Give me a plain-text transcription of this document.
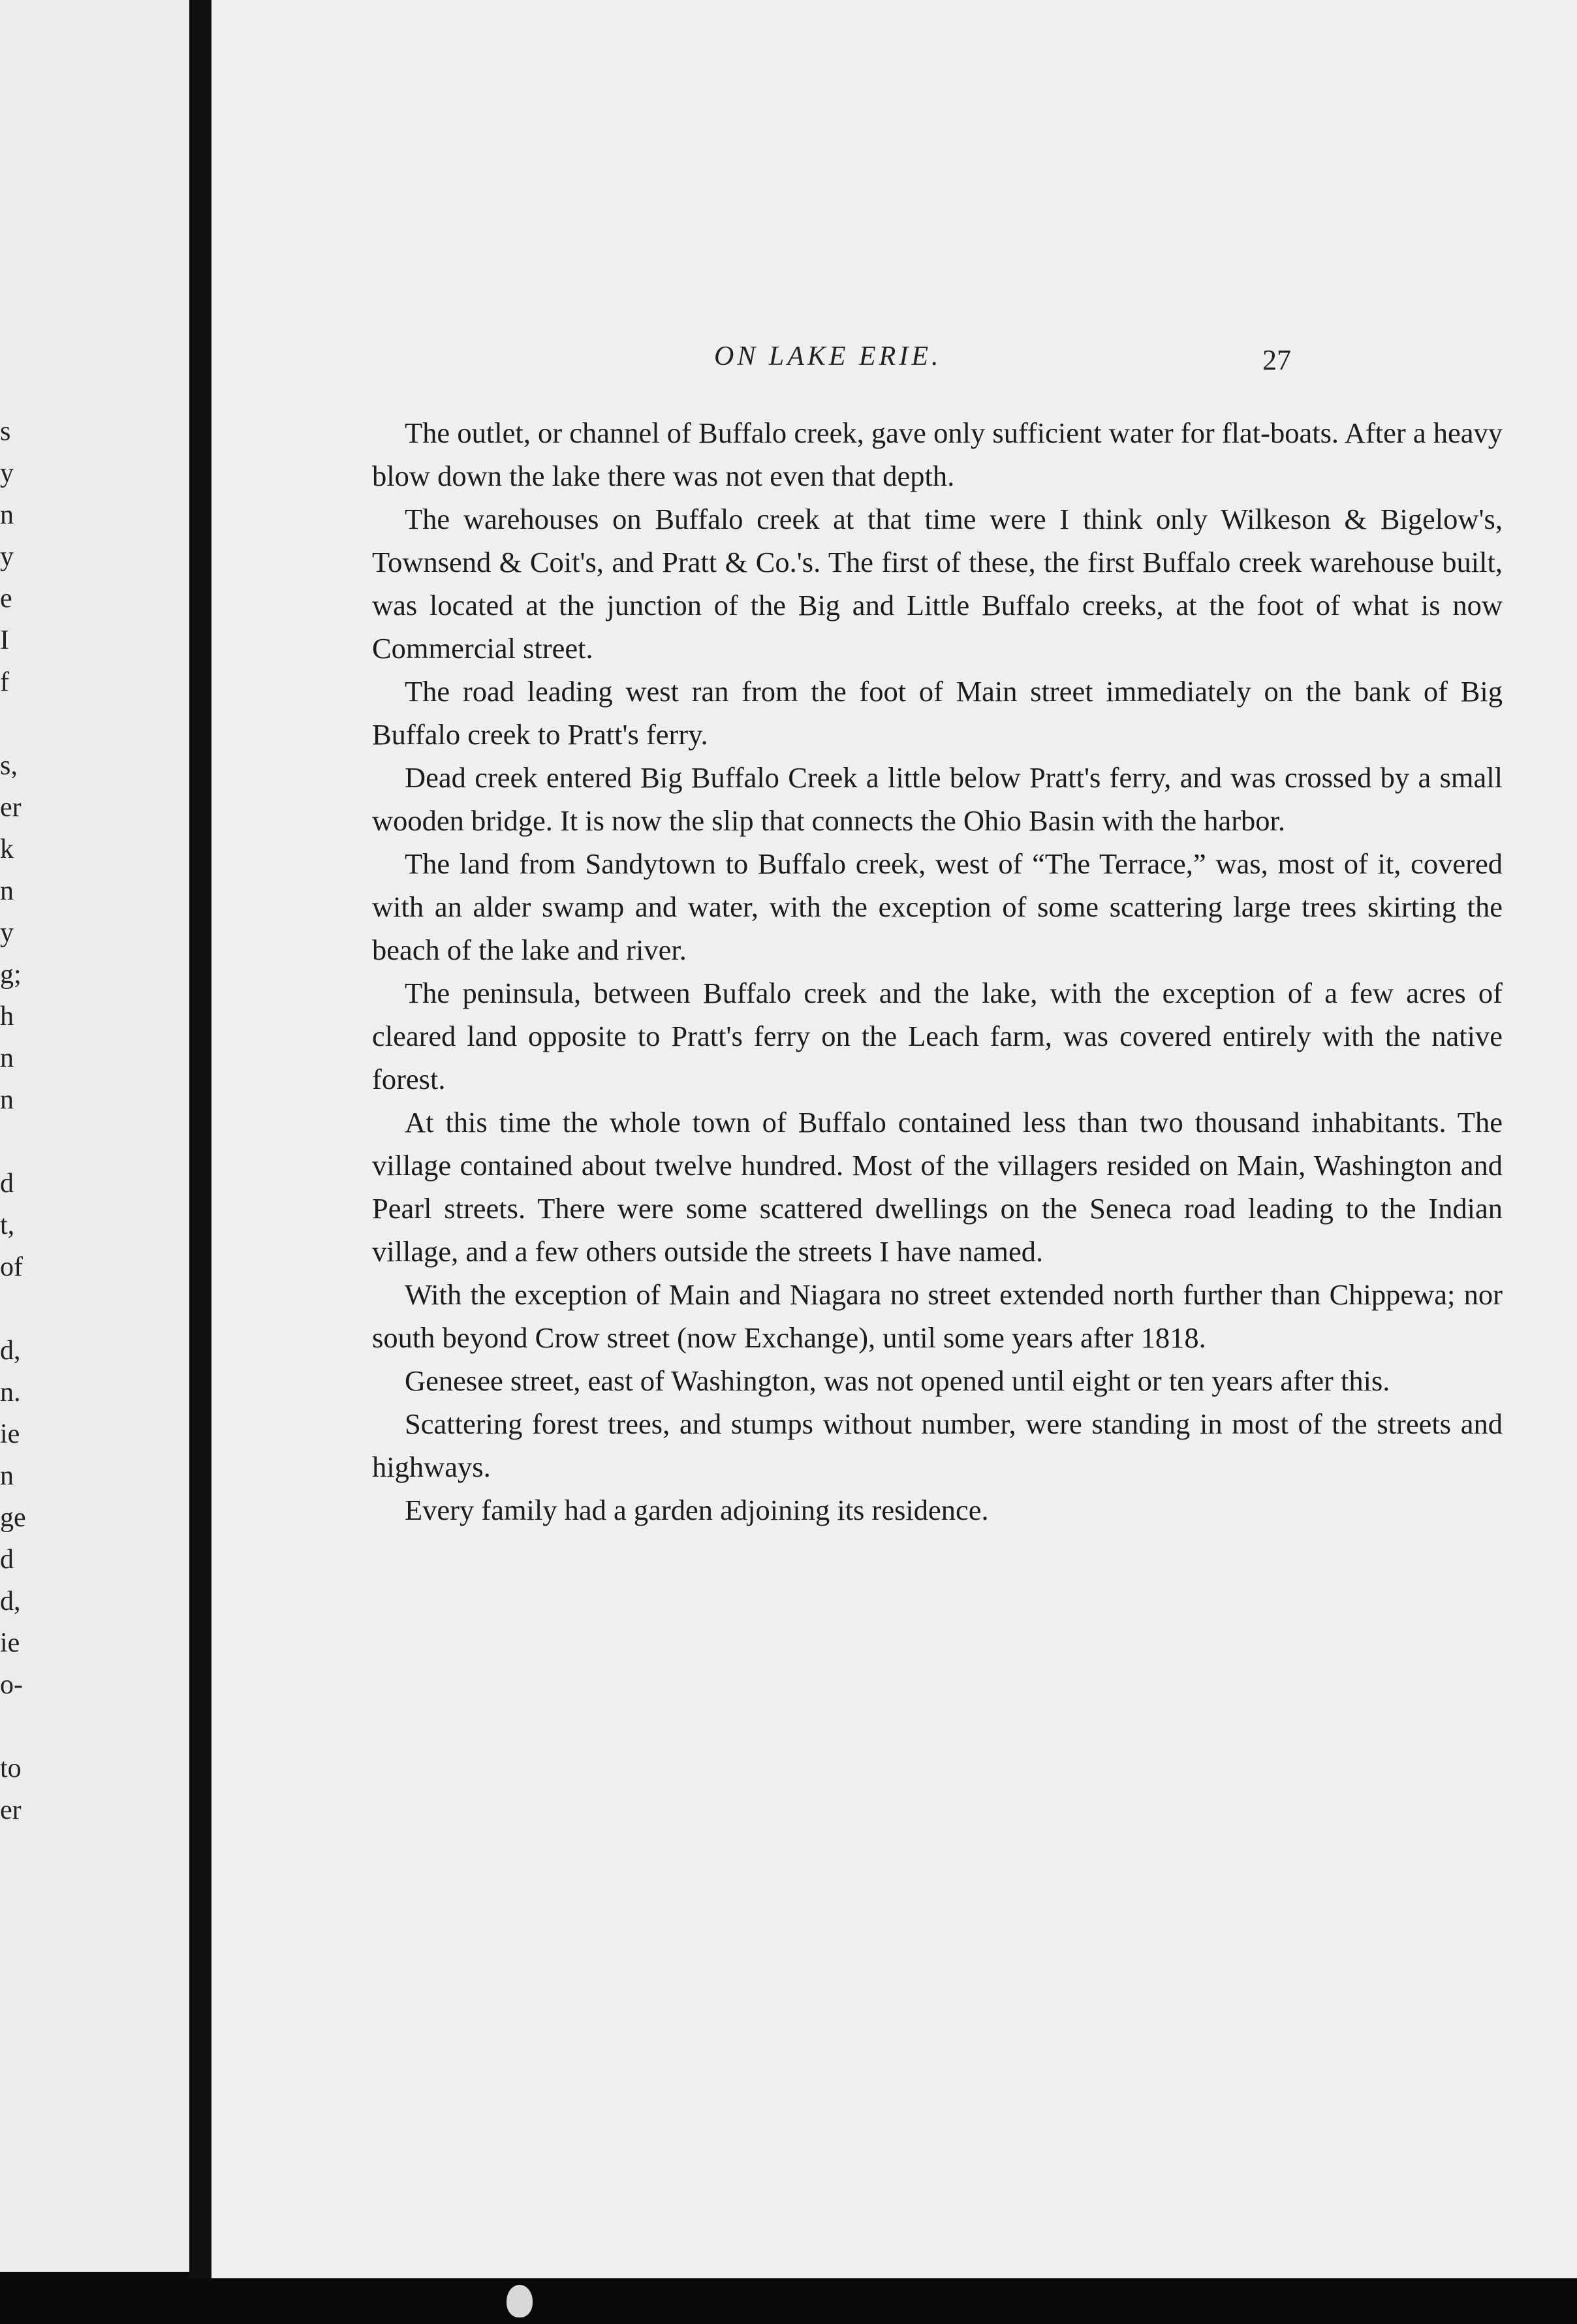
s
y
n
y
e
I
f
s,
er
k
n
y
g;
h
n
n
d
t,
of
d,
n.
ie
n
ge
d
d,
ie
o-
to
er
ON LAKE ERIE.	27

The outlet, or channel of Buffalo creek, gave only sufficient water for flat-boats. After a heavy blow down the lake there was not even that depth.

The warehouses on Buffalo creek at that time were I think only Wilkeson & Bigelow's, Townsend & Coit's, and Pratt & Co.'s. The first of these, the first Buffalo creek warehouse built, was located at the junction of the Big and Little Buffalo creeks, at the foot of what is now Commercial street.

The road leading west ran from the foot of Main street immediately on the bank of Big Buffalo creek to Pratt's ferry.

Dead creek entered Big Buffalo Creek a little below Pratt's ferry, and was crossed by a small wooden bridge. It is now the slip that connects the Ohio Basin with the harbor.

The land from Sandytown to Buffalo creek, west of “The Terrace,” was, most of it, covered with an alder swamp and water, with the exception of some scattering large trees skirting the beach of the lake and river.

The peninsula, between Buffalo creek and the lake, with the exception of a few acres of cleared land opposite to Pratt's ferry on the Leach farm, was covered entirely with the native forest.

At this time the whole town of Buffalo contained less than two thousand inhabitants. The village contained about twelve hundred. Most of the villagers resided on Main, Washington and Pearl streets. There were some scattered dwellings on the Seneca road leading to the Indian village, and a few others outside the streets I have named.

With the exception of Main and Niagara no street extended north further than Chippewa; nor south beyond Crow street (now Exchange), until some years after 1818.

Genesee street, east of Washington, was not opened until eight or ten years after this.

Scattering forest trees, and stumps without number, were standing in most of the streets and highways.

Every family had a garden adjoining its residence.
